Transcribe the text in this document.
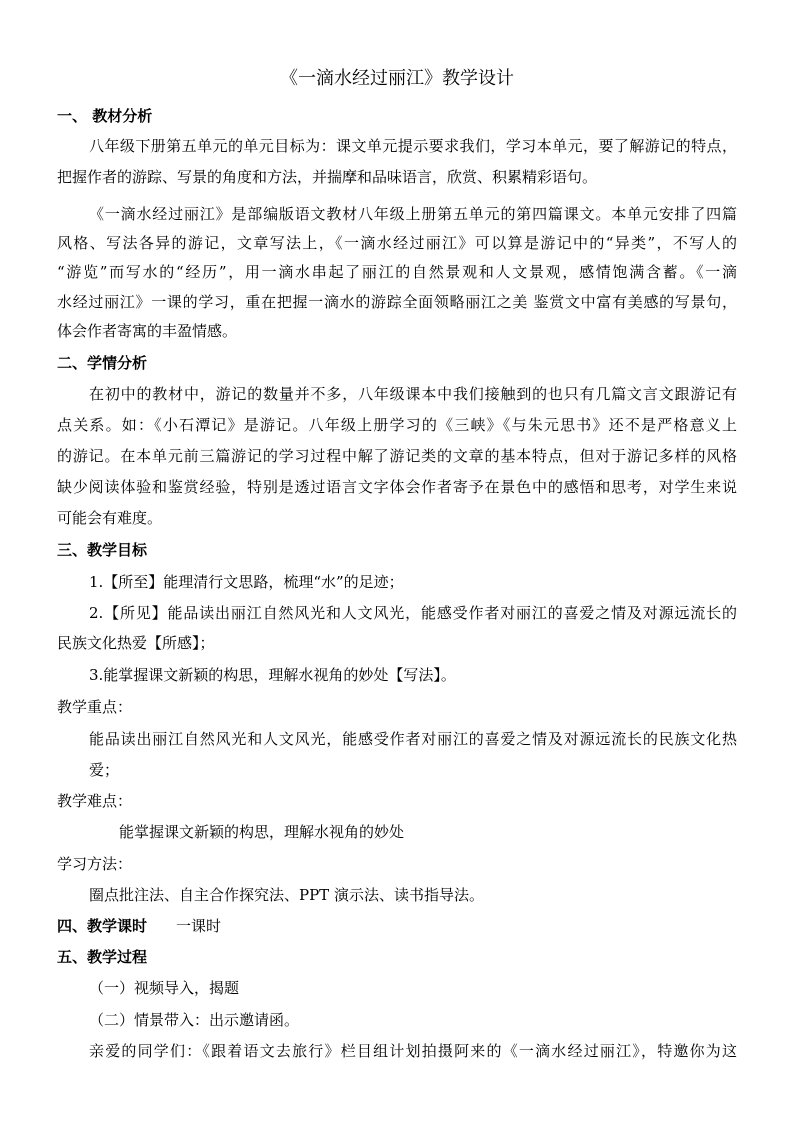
《一滴水经过丽江》教学设计
一、 教材分析
八年级下册第五单元的单元目标为：课文单元提示要求我们，学习本单元，要了解游记的特点，
把握作者的游踪、写景的角度和方法，并揣摩和品味语言，欣赏、积累精彩语句。
《一滴水经过丽江》是部编版语文教材八年级上册第五单元的第四篇课文。本单元安排了四篇
风格、写法各异的游记，文章写法上，《一滴水经过丽江》可以算是游记中的“异类”，不写人的
“游览”而写水的“经历”，用一滴水串起了丽江的自然景观和人文景观，感情饱满含蓄。《一滴
水经过丽江》一课的学习，重在把握一滴水的游踪全面领略丽江之美 鉴赏文中富有美感的写景句，
体会作者寄寓的丰盈情感。
二、学情分析
在初中的教材中，游记的数量并不多，八年级课本中我们接触到的也只有几篇文言文跟游记有
点关系。如：《小石潭记》是游记。八年级上册学习的《三峡》《与朱元思书》还不是严格意义上
的游记。在本单元前三篇游记的学习过程中解了游记类的文章的基本特点，但对于游记多样的风格
缺少阅读体验和鉴赏经验，特别是透过语言文字体会作者寄予在景色中的感悟和思考，对学生来说
可能会有难度。
三、教学目标
1.【所至】能理清行文思路，梳理“水”的足迹；
2.【所见】能品读出丽江自然风光和人文风光，能感受作者对丽江的喜爱之情及对源远流长的
民族文化热爱【所感】；
3.能掌握课文新颖的构思，理解水视角的妙处【写法】。
教学重点：
能品读出丽江自然风光和人文风光，能感受作者对丽江的喜爱之情及对源远流长的民族文化热
爱；
教学难点：
能掌握课文新颖的构思，理解水视角的妙处
学习方法：
圈点批注法、自主合作探究法、PPT 演示法、读书指导法。
四、教学课时 一课时
五、教学过程
（一）视频导入，揭题
（二）情景带入：出示邀请函。
亲爱的同学们：《跟着语文去旅行》栏目组计划拍摄阿来的《一滴水经过丽江》，特邀你为这
